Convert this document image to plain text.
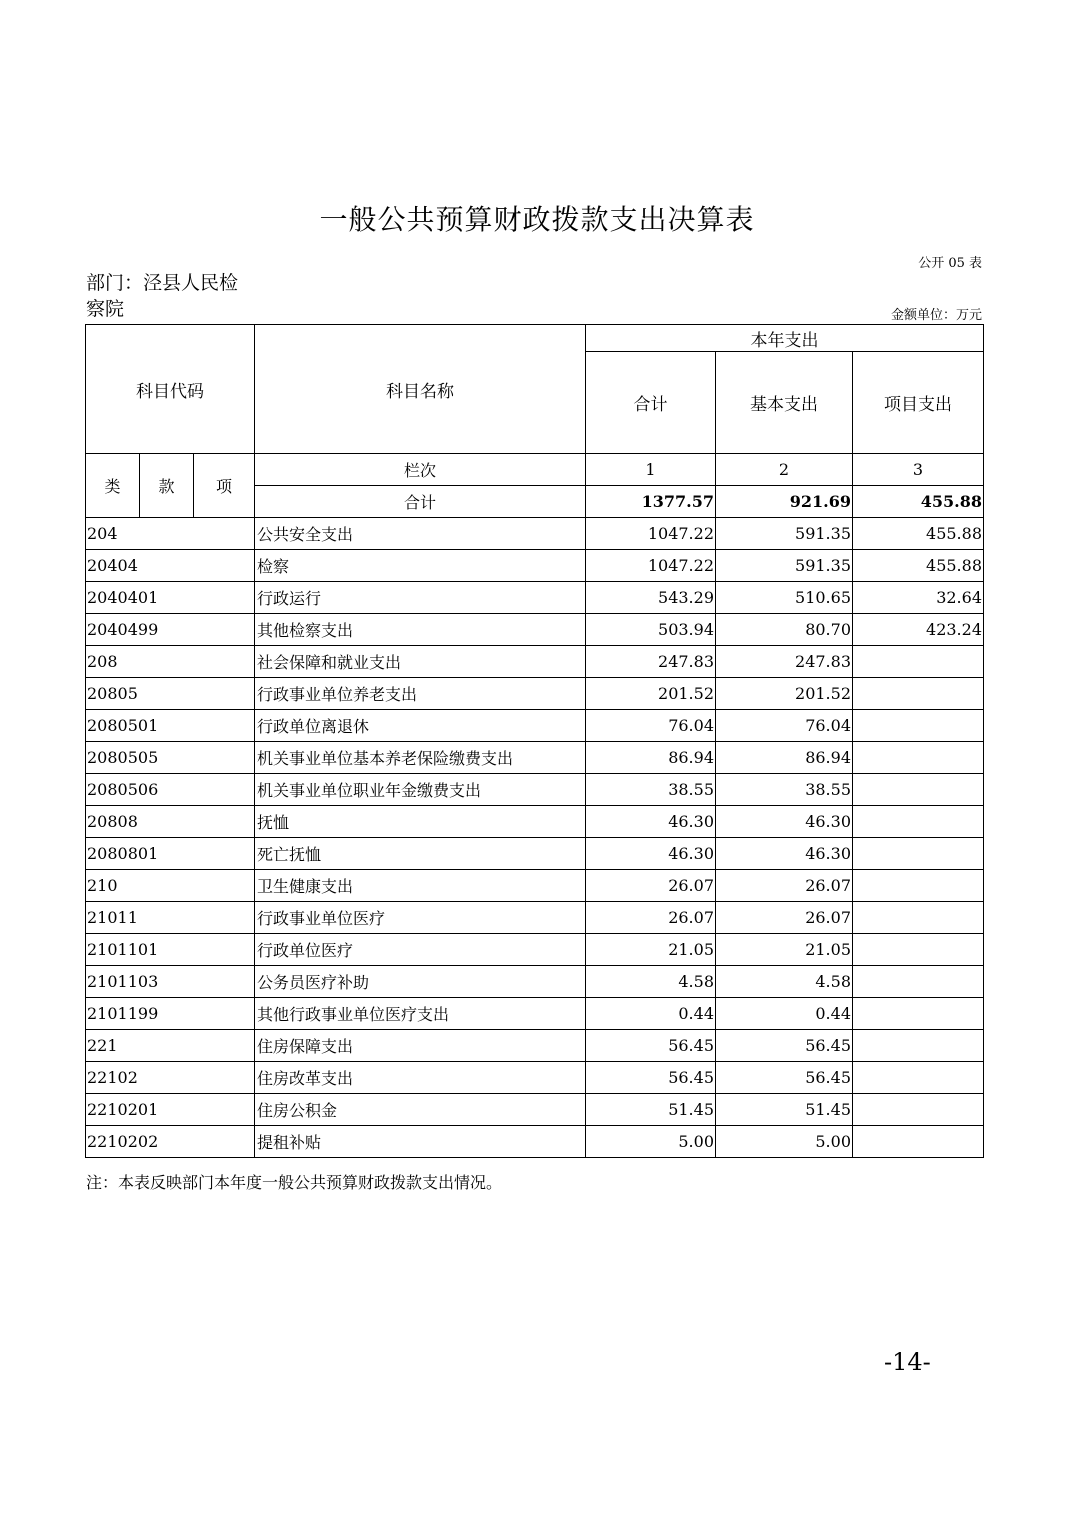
一般公共预算财政拨款支出决算表
公开 05 表
部门：泾县人民检察院	金额单位：万元
科目代码			科目名称	本年支出		
				合计	基本支出	项目支出
类	款	项	栏次	1	2	3
			合计	1377.57	921.69	455.88
204			公共安全支出	1047.22	591.35	455.88
20404			检察	1047.22	591.35	455.88
2040401			行政运行	543.29	510.65	32.64
2040499			其他检察支出	503.94	80.70	423.24
208			社会保障和就业支出	247.83	247.83	
20805			行政事业单位养老支出	201.52	201.52	
2080501			行政单位离退休	76.04	76.04	
2080505			机关事业单位基本养老保险缴费支出	86.94	86.94	
2080506			机关事业单位职业年金缴费支出	38.55	38.55	
20808			抚恤	46.30	46.30	
2080801			死亡抚恤	46.30	46.30	
210			卫生健康支出	26.07	26.07	
21011			行政事业单位医疗	26.07	26.07	
2101101			行政单位医疗	21.05	21.05	
2101103			公务员医疗补助	4.58	4.58	
2101199			其他行政事业单位医疗支出	0.44	0.44	
221			住房保障支出	56.45	56.45	
22102			住房改革支出	56.45	56.45	
2210201			住房公积金	51.45	51.45	
2210202			提租补贴	5.00	5.00	
注：本表反映部门本年度一般公共预算财政拨款支出情况。
-14-
